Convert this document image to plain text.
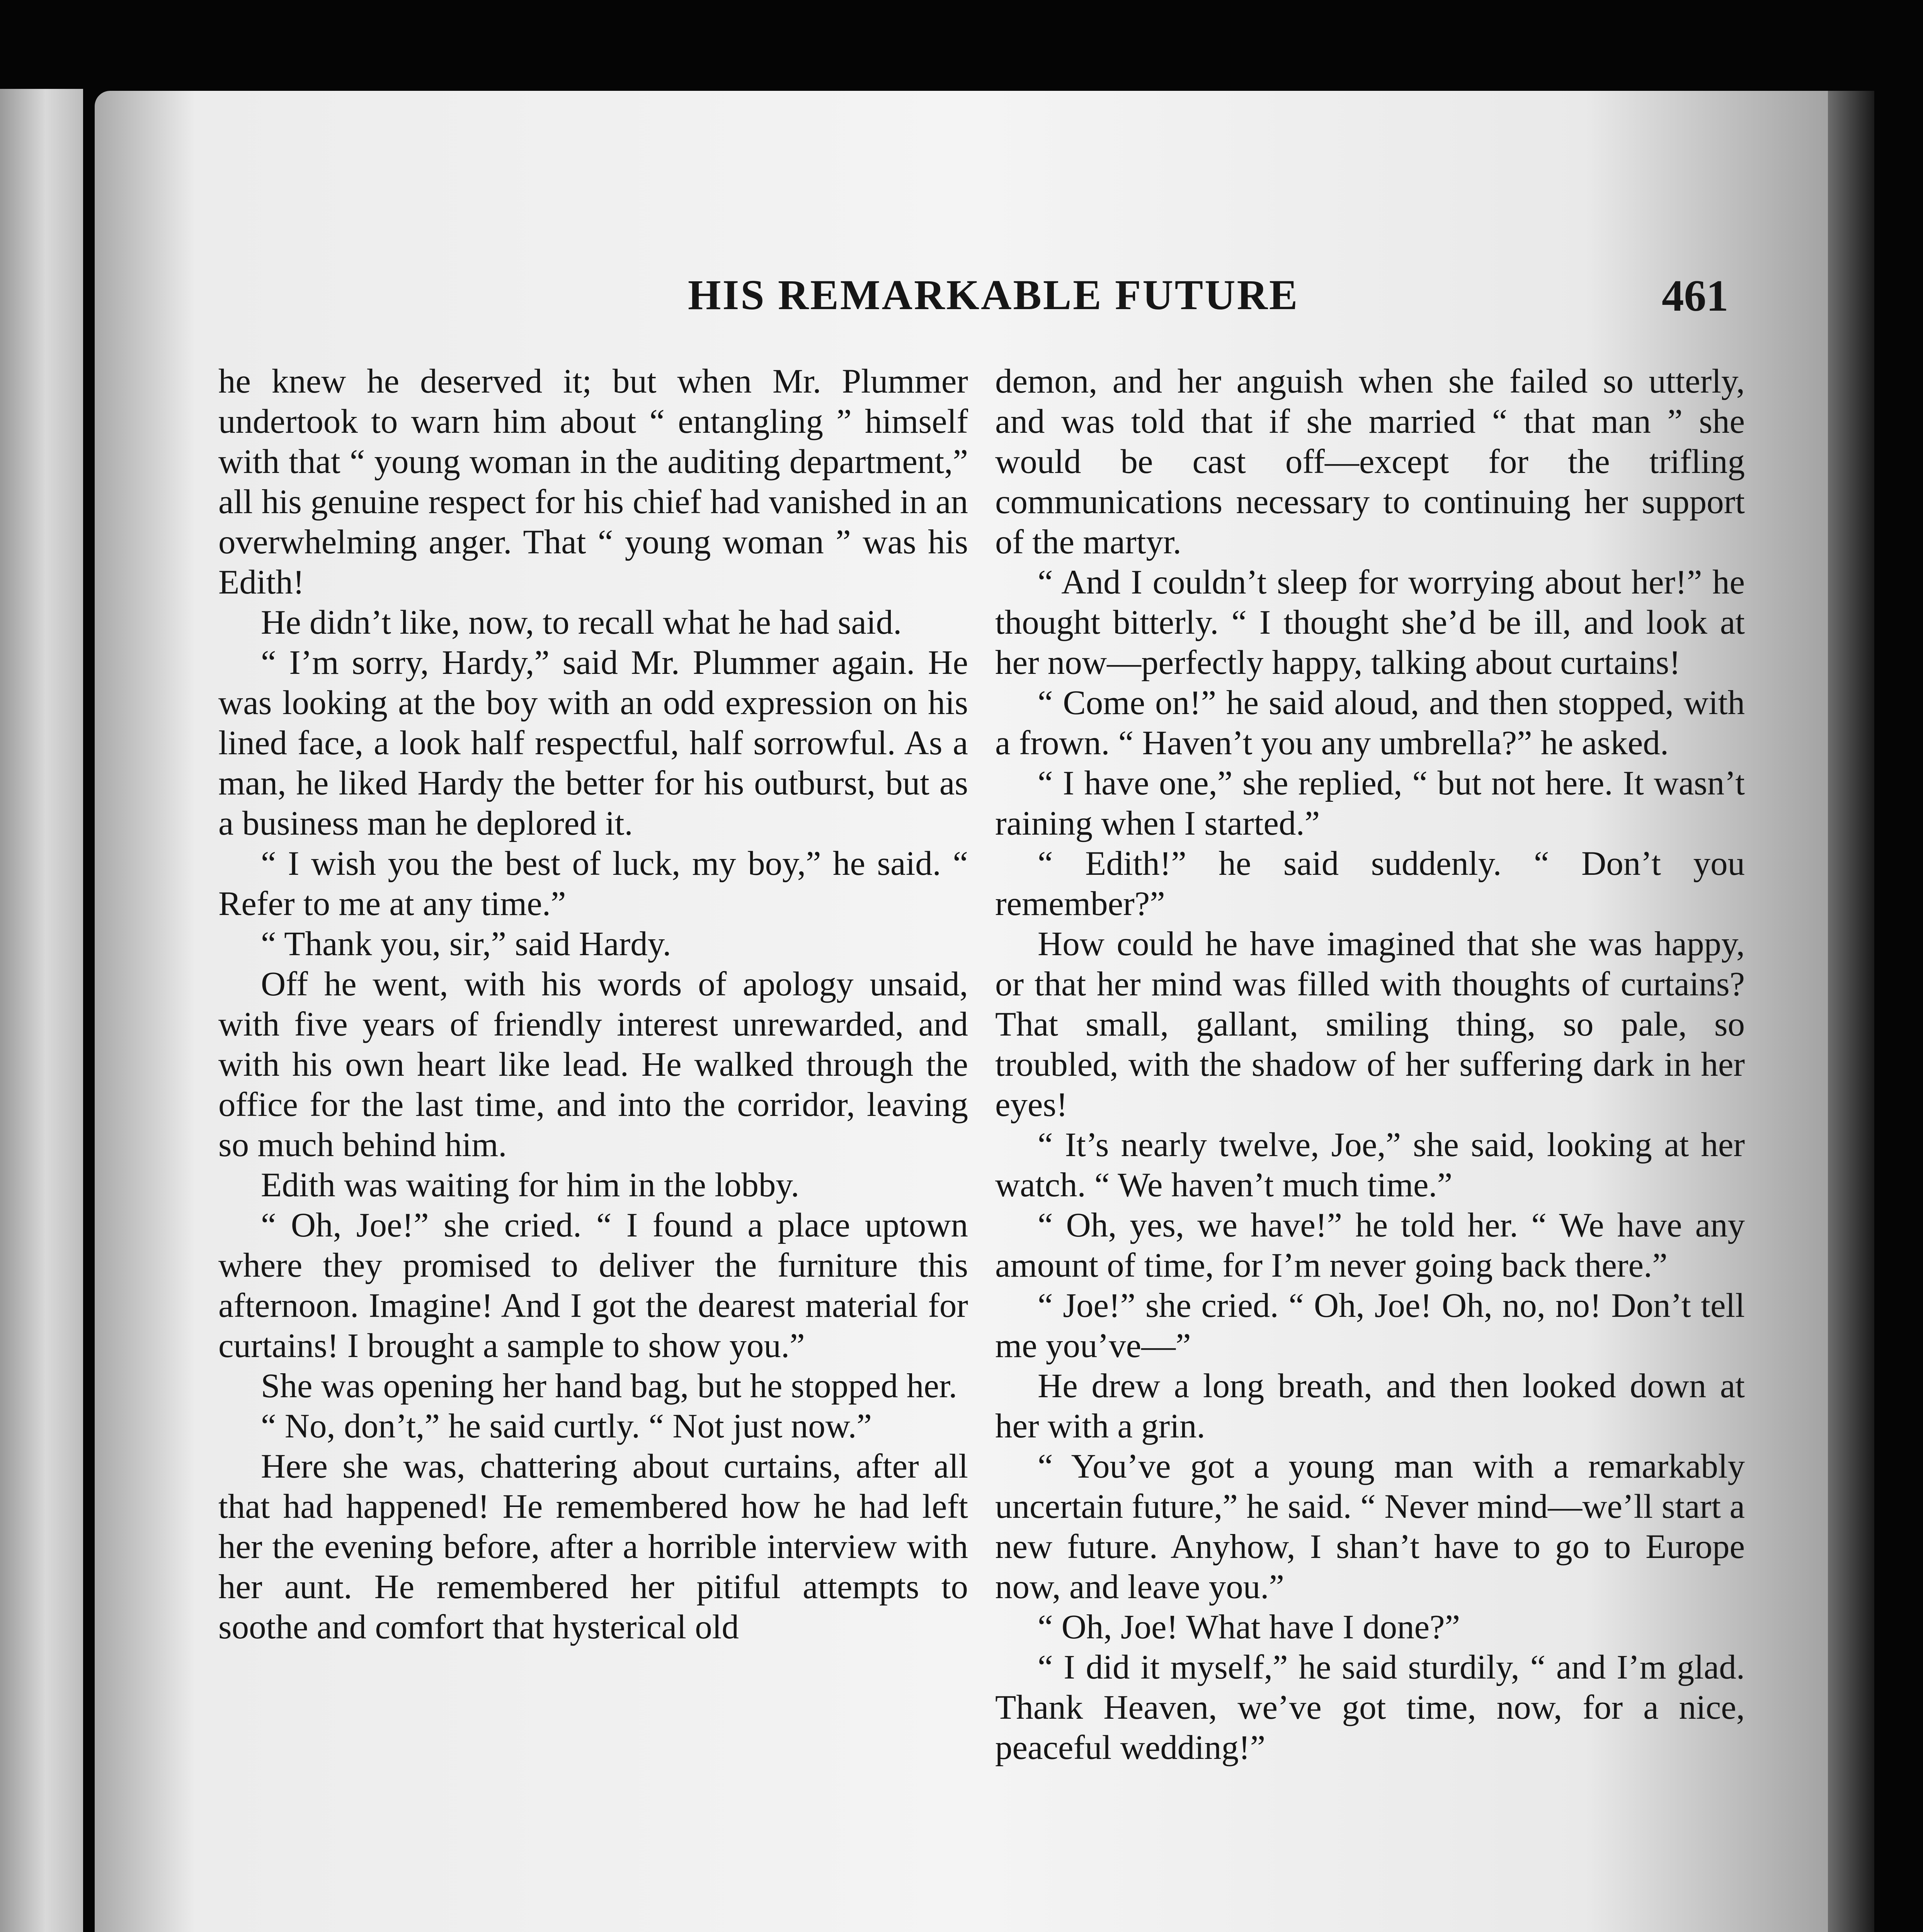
HIS REMARKABLE FUTURE	461

he knew he deserved it; but when Mr. Plummer undertook to warn him about “ entangling ” himself with that “ young woman in the auditing department,” all his genuine respect for his chief had vanished in an overwhelming anger. That “ young woman ” was his Edith!

He didn’t like, now, to recall what he had said.

“ I’m sorry, Hardy,” said Mr. Plummer again. He was looking at the boy with an odd expression on his lined face, a look half respectful, half sorrowful. As a man, he liked Hardy the better for his outburst, but as a business man he deplored it.

“ I wish you the best of luck, my boy,” he said. “ Refer to me at any time.”

“ Thank you, sir,” said Hardy.

Off he went, with his words of apology unsaid, with five years of friendly interest unrewarded, and with his own heart like lead. He walked through the office for the last time, and into the corridor, leaving so much behind him.

Edith was waiting for him in the lobby.

“ Oh, Joe!” she cried. “ I found a place uptown where they promised to deliver the furniture this afternoon. Imagine! And I got the dearest material for curtains! I brought a sample to show you.”

She was opening her hand bag, but he stopped her.

“ No, don’t,” he said curtly. “ Not just now.”

Here she was, chattering about curtains, after all that had happened! He remembered how he had left her the evening before, after a horrible interview with her aunt. He remembered her pitiful attempts to soothe and comfort that hysterical old

demon, and her anguish when she failed so utterly, and was told that if she married “ that man ” she would be cast off—except for the trifling communications necessary to continuing her support of the martyr.

“ And I couldn’t sleep for worrying about her!” he thought bitterly. “ I thought she’d be ill, and look at her now—perfectly happy, talking about curtains!

“ Come on!” he said aloud, and then stopped, with a frown. “ Haven’t you any umbrella?” he asked.

“ I have one,” she replied, “ but not here. It wasn’t raining when I started.”

“ Edith!” he said suddenly. “ Don’t you remember?”

How could he have imagined that she was happy, or that her mind was filled with thoughts of curtains? That small, gallant, smiling thing, so pale, so troubled, with the shadow of her suffering dark in her eyes!

“ It’s nearly twelve, Joe,” she said, looking at her watch. “ We haven’t much time.”

“ Oh, yes, we have!” he told her. “ We have any amount of time, for I’m never going back there.”

“ Joe!” she cried. “ Oh, Joe! Oh, no, no! Don’t tell me you’ve—”

He drew a long breath, and then looked down at her with a grin.

“ You’ve got a young man with a remarkably uncertain future,” he said. “ Never mind—we’ll start a new future. Anyhow, I shan’t have to go to Europe now, and leave you.”

“ Oh, Joe! What have I done?”

“ I did it myself,” he said sturdily, “ and I’m glad. Thank Heaven, we’ve got time, now, for a nice, peaceful wedding!”
